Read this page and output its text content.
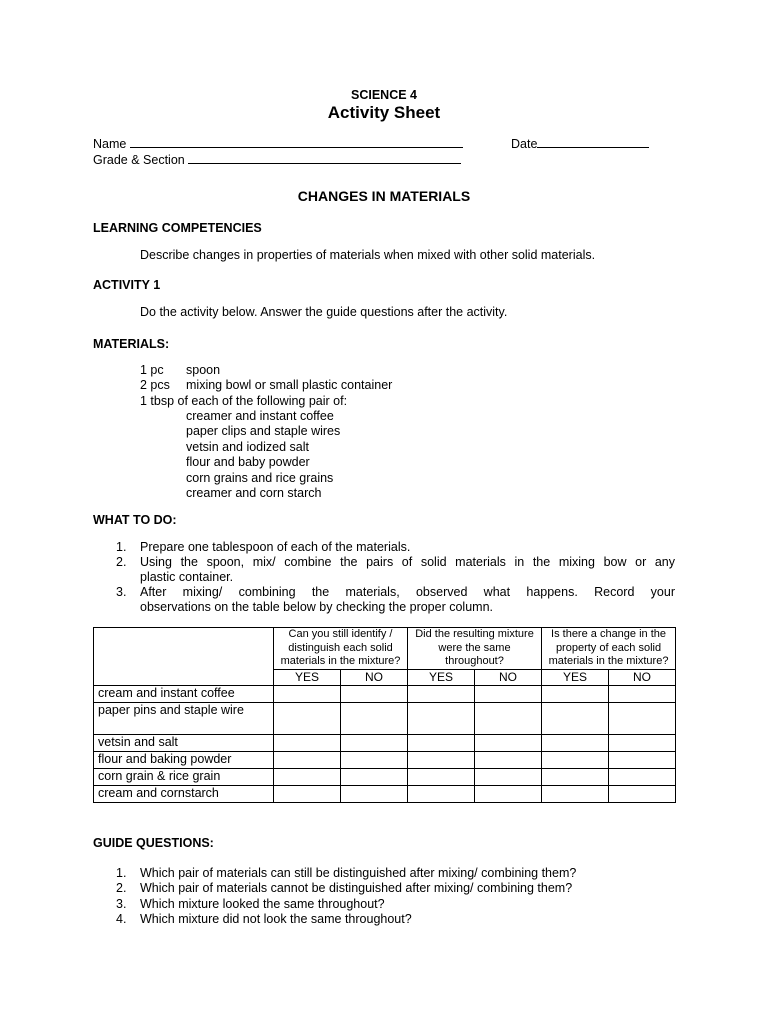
SCIENCE 4
Activity Sheet
Name	Date
Grade & Section
CHANGES IN MATERIALS
LEARNING COMPETENCIES
Describe changes in properties of materials when mixed with other solid materials.
ACTIVITY 1
Do the activity below. Answer the guide questions after the activity.
MATERIALS:
1 pc spoon
2 pcs mixing bowl or small plastic container
1 tbsp of each of the following pair of:
creamer and instant coffee
paper clips and staple wires
vetsin and iodized salt
flour and baby powder
corn grains and rice grains
creamer and corn starch
WHAT TO DO:
1. Prepare one tablespoon of each of the materials.
2. Using the spoon, mix/ combine the pairs of solid materials in the mixing bow or any
plastic container.
3. After mixing/ combining the materials, observed what happens. Record your
observations on the table below by checking the proper column.
	Can you still identify / distinguish each solid materials in the mixture?		Did the resulting mixture were the same throughout?		Is there a change in the property of each solid materials in the mixture?	
	YES	NO	YES	NO	YES	NO
cream and instant coffee						

paper pins and staple wire						

vetsin and salt						
flour and baking powder						
corn grain & rice grain						
cream and cornstarch						
GUIDE QUESTIONS:
1. Which pair of materials can still be distinguished after mixing/ combining them?
2. Which pair of materials cannot be distinguished after mixing/ combining them?
3. Which mixture looked the same throughout?
4. Which mixture did not look the same throughout?
